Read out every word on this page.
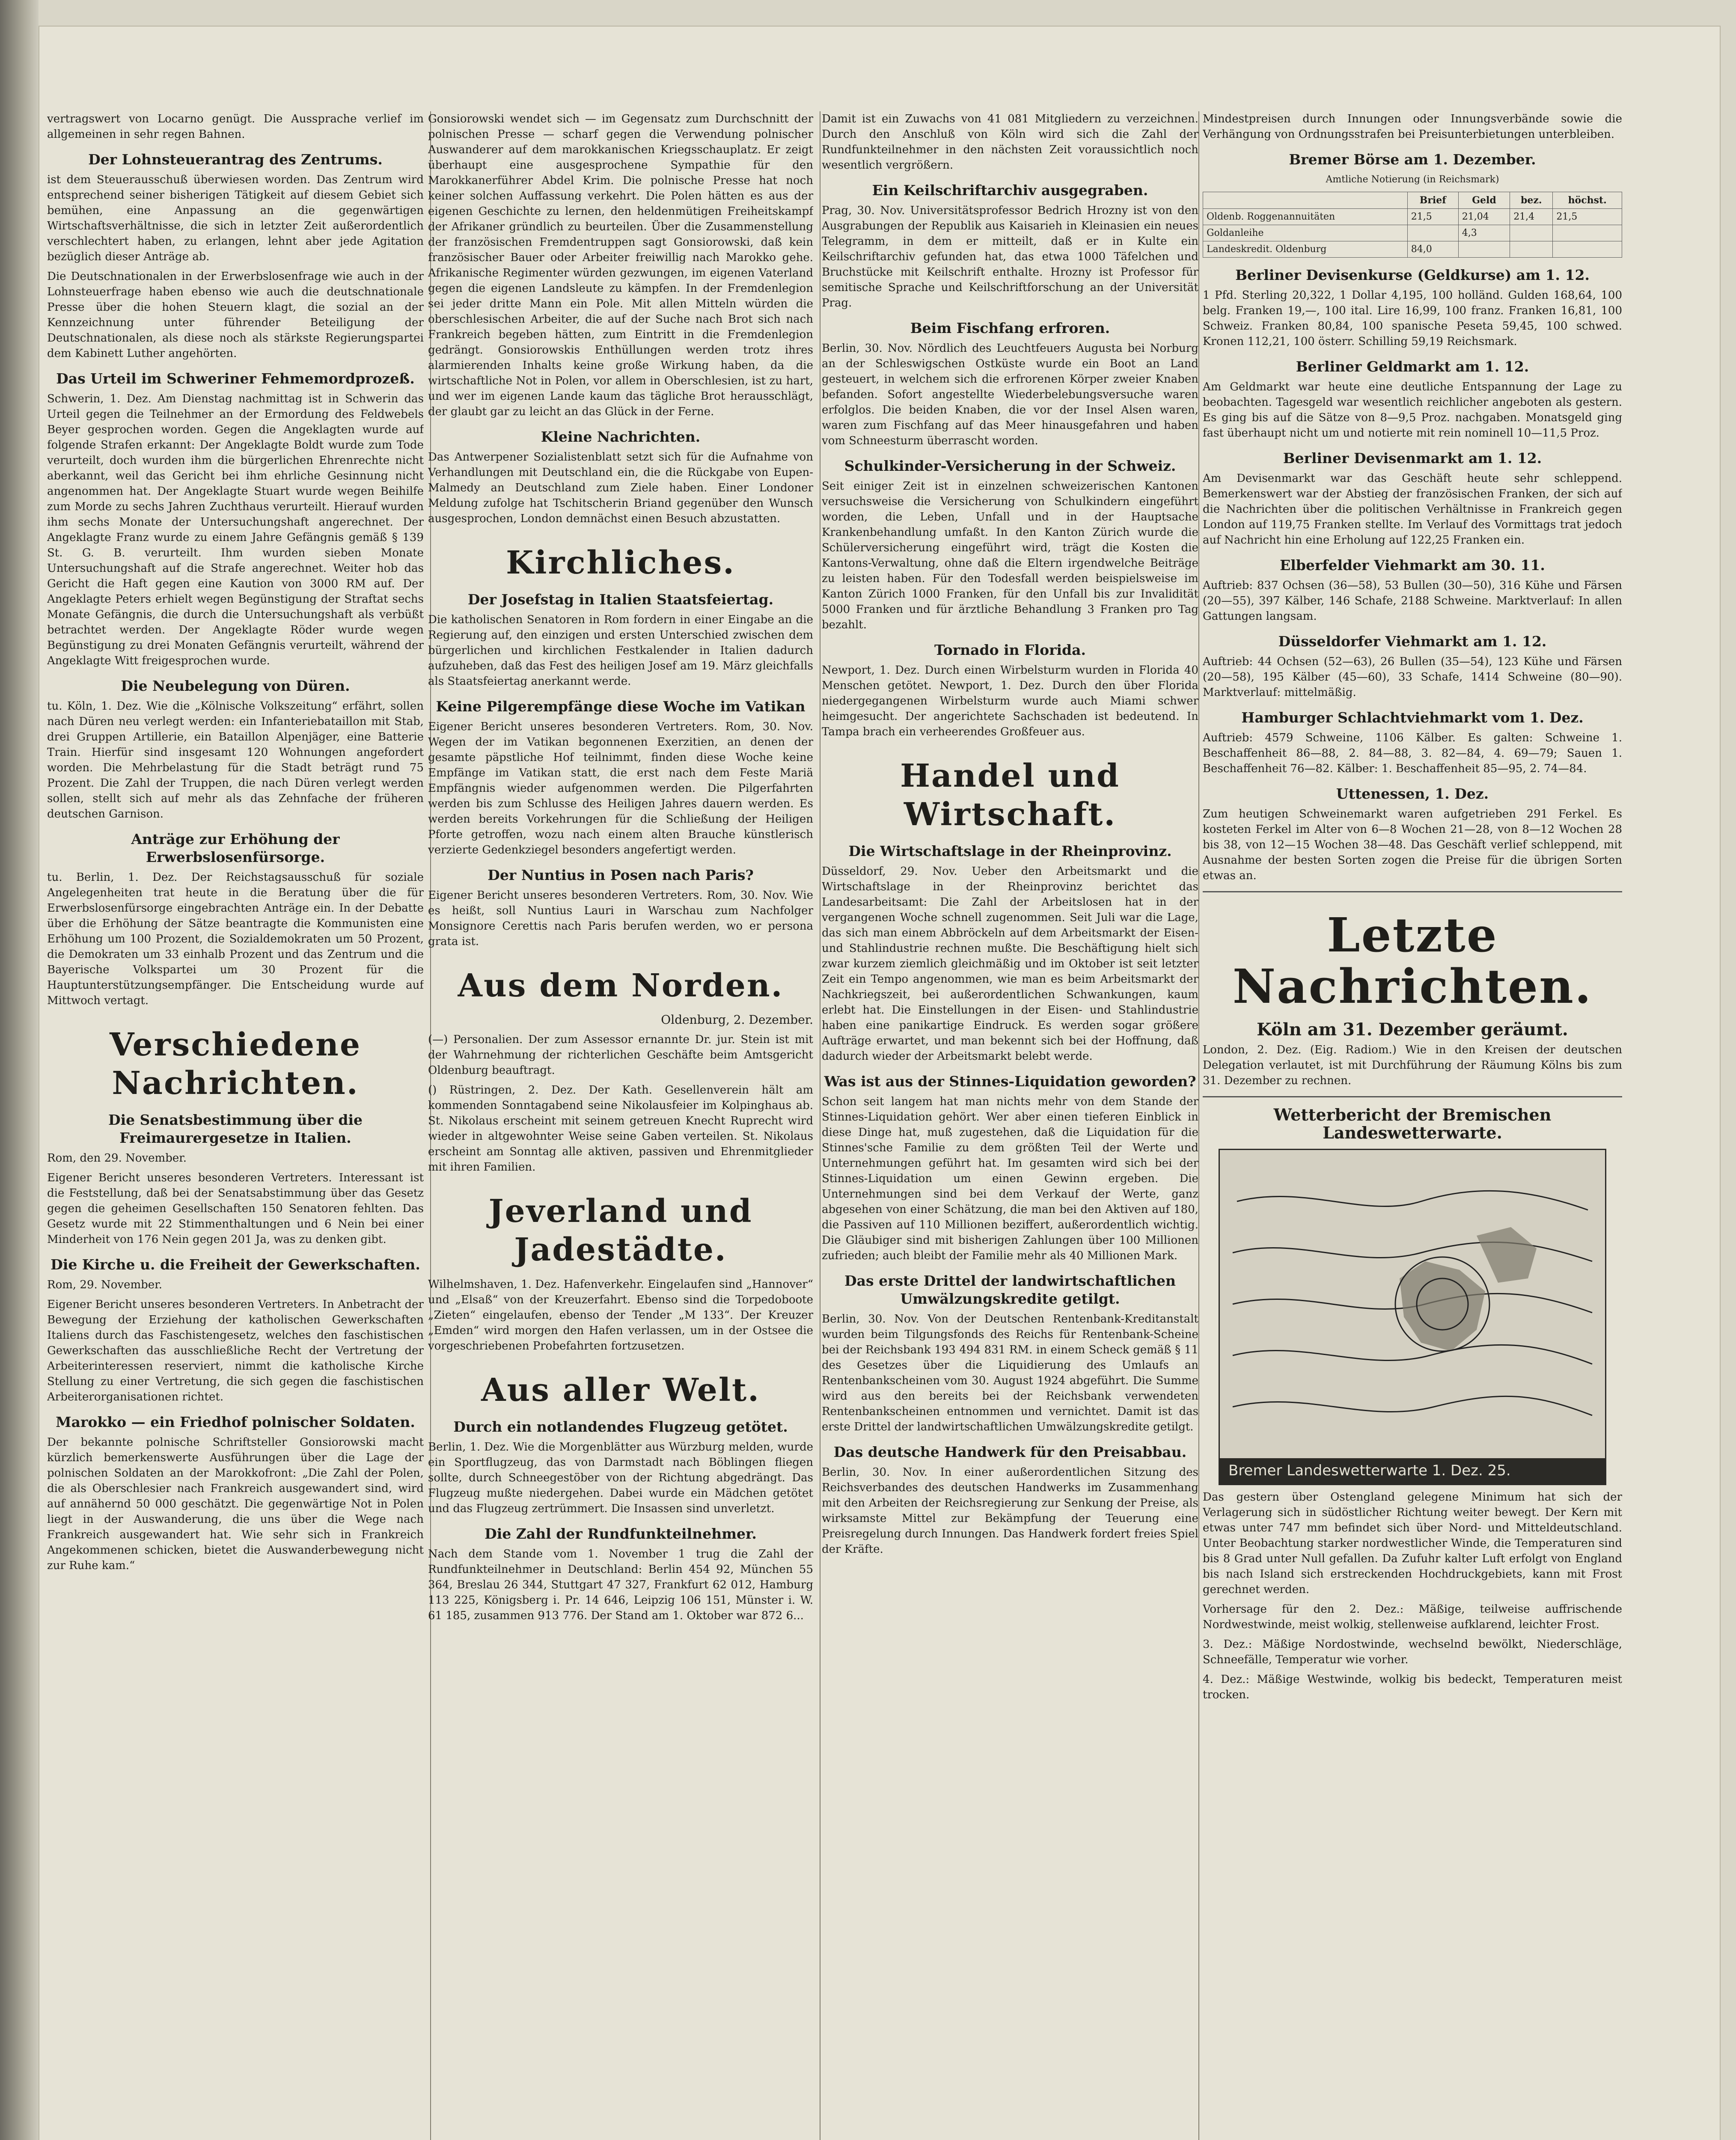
vertragswert von Locarno genügt. Die Aussprache verlief im allgemeinen in sehr regen Bahnen.

Der Lohnsteuerantrag des Zentrums.

ist dem Steuerausschuß überwiesen worden. Das Zentrum wird entsprechend seiner bisherigen Tätigkeit auf diesem Gebiet sich bemühen, eine Anpassung an die gegenwärtigen Wirtschaftsverhältnisse, die sich in letzter Zeit außerordentlich verschlechtert haben, zu erlangen, lehnt aber jede Agitation bezüglich dieser Anträge ab.

Die Deutschnationalen in der Erwerbslosenfrage wie auch in der Lohnsteuerfrage haben ebenso wie auch die deutschnationale Presse über die hohen Steuern klagt, die sozial an der Kennzeichnung unter führender Beteiligung der Deutschnationalen, als diese noch als stärkste Regierungspartei dem Kabinett Luther angehörten.

Das Urteil im Schweriner Fehmemordprozeß.

Schwerin, 1. Dez. Am Dienstag nachmittag ist in Schwerin das Urteil gegen die Teilnehmer an der Ermordung des Feldwebels Beyer gesprochen worden. Gegen die Angeklagten wurde auf folgende Strafen erkannt: Der Angeklagte Boldt wurde zum Tode verurteilt, doch wurden ihm die bürgerlichen Ehrenrechte nicht aberkannt, weil das Gericht bei ihm ehrliche Gesinnung nicht angenommen hat. Der Angeklagte Stuart wurde wegen Beihilfe zum Morde zu sechs Jahren Zuchthaus verurteilt. Hierauf wurden ihm sechs Monate der Untersuchungshaft angerechnet. Der Angeklagte Franz wurde zu einem Jahre Gefängnis gemäß § 139 St. G. B. verurteilt. Ihm wurden sieben Monate Untersuchungshaft auf die Strafe angerechnet. Weiter hob das Gericht die Haft gegen eine Kaution von 3000 RM auf. Der Angeklagte Peters erhielt wegen Begünstigung der Straftat sechs Monate Gefängnis, die durch die Untersuchungshaft als verbüßt betrachtet werden. Der Angeklagte Röder wurde wegen Begünstigung zu drei Monaten Gefängnis verurteilt, während der Angeklagte Witt freigesprochen wurde.

Die Neubelegung von Düren.

tu. Köln, 1. Dez. Wie die „Kölnische Volkszeitung“ erfährt, sollen nach Düren neu verlegt werden: ein Infanteriebataillon mit Stab, drei Gruppen Artillerie, ein Bataillon Alpenjäger, eine Batterie Train. Hierfür sind insgesamt 120 Wohnungen angefordert worden. Die Mehrbelastung für die Stadt beträgt rund 75 Prozent. Die Zahl der Truppen, die nach Düren verlegt werden sollen, stellt sich auf mehr als das Zehnfache der früheren deutschen Garnison.

Anträge zur Erhöhung der Erwerbslosenfürsorge.

tu. Berlin, 1. Dez. Der Reichstagsausschuß für soziale Angelegenheiten trat heute in die Beratung über die für Erwerbslosenfürsorge eingebrachten Anträge ein. In der Debatte über die Erhöhung der Sätze beantragte die Kommunisten eine Erhöhung um 100 Prozent, die Sozialdemokraten um 50 Prozent, die Demokraten um 33 einhalb Prozent und das Zentrum und die Bayerische Volkspartei um 30 Prozent für die Hauptunterstützungsempfänger. Die Entscheidung wurde auf Mittwoch vertagt.

Verschiedene Nachrichten.
Die Senatsbestimmung über die Freimaurergesetze in Italien.

Rom, den 29. November.

Eigener Bericht unseres besonderen Vertreters. Interessant ist die Feststellung, daß bei der Senatsabstimmung über das Gesetz gegen die geheimen Gesellschaften 150 Senatoren fehlten. Das Gesetz wurde mit 22 Stimmenthaltungen und 6 Nein bei einer Minderheit von 176 Nein gegen 201 Ja, was zu denken gibt.

Die Kirche u. die Freiheit der Gewerkschaften.

Rom, 29. November.

Eigener Bericht unseres besonderen Vertreters. In Anbetracht der Bewegung der Erziehung der katholischen Gewerkschaften Italiens durch das Faschistengesetz, welches den faschistischen Gewerkschaften das ausschließliche Recht der Vertretung der Arbeiterinteressen reserviert, nimmt die katholische Kirche Stellung zu einer Vertretung, die sich gegen die faschistischen Arbeiterorganisationen richtet.

Marokko — ein Friedhof polnischer Soldaten.

Der bekannte polnische Schriftsteller Gonsiorowski macht kürzlich bemerkenswerte Ausführungen über die Lage der polnischen Soldaten an der Marokkofront: „Die Zahl der Polen, die als Oberschlesier nach Frankreich ausgewandert sind, wird auf annähernd 50 000 geschätzt. Die gegenwärtige Not in Polen liegt in der Auswanderung, die uns über die Wege nach Frankreich ausgewandert hat. Wie sehr sich in Frankreich Angekommenen schicken, bietet die Auswanderbewegung nicht zur Ruhe kam.“

Gonsiorowski wendet sich — im Gegensatz zum Durchschnitt der polnischen Presse — scharf gegen die Verwendung polnischer Auswanderer auf dem marokkanischen Kriegsschauplatz. Er zeigt überhaupt eine ausgesprochene Sympathie für den Marokkanerführer Abdel Krim. Die polnische Presse hat noch keiner solchen Auffassung verkehrt. Die Polen hätten es aus der eigenen Geschichte zu lernen, den heldenmütigen Freiheitskampf der Afrikaner gründlich zu beurteilen. Über die Zusammenstellung der französischen Fremdentruppen sagt Gonsiorowski, daß kein französischer Bauer oder Arbeiter freiwillig nach Marokko gehe. Afrikanische Regimenter würden gezwungen, im eigenen Vaterland gegen die eigenen Landsleute zu kämpfen. In der Fremdenlegion sei jeder dritte Mann ein Pole. Mit allen Mitteln würden die oberschlesischen Arbeiter, die auf der Suche nach Brot sich nach Frankreich begeben hätten, zum Eintritt in die Fremdenlegion gedrängt. Gonsiorowskis Enthüllungen werden trotz ihres alarmierenden Inhalts keine große Wirkung haben, da die wirtschaftliche Not in Polen, vor allem in Oberschlesien, ist zu hart, und wer im eigenen Lande kaum das tägliche Brot herausschlägt, der glaubt gar zu leicht an das Glück in der Ferne.

Kleine Nachrichten.

Das Antwerpener Sozialistenblatt setzt sich für die Aufnahme von Verhandlungen mit Deutschland ein, die die Rückgabe von Eupen-Malmedy an Deutschland zum Ziele haben. Einer Londoner Meldung zufolge hat Tschitscherin Briand gegenüber den Wunsch ausgesprochen, London demnächst einen Besuch abzustatten.

Kirchliches.
Der Josefstag in Italien Staatsfeiertag.

Die katholischen Senatoren in Rom fordern in einer Eingabe an die Regierung auf, den einzigen und ersten Unterschied zwischen dem bürgerlichen und kirchlichen Festkalender in Italien dadurch aufzuheben, daß das Fest des heiligen Josef am 19. März gleichfalls als Staatsfeiertag anerkannt werde.

Keine Pilgerempfänge diese Woche im Vatikan

Eigener Bericht unseres besonderen Vertreters. Rom, 30. Nov. Wegen der im Vatikan begonnenen Exerzitien, an denen der gesamte päpstliche Hof teilnimmt, finden diese Woche keine Empfänge im Vatikan statt, die erst nach dem Feste Mariä Empfängnis wieder aufgenommen werden. Die Pilgerfahrten werden bis zum Schlusse des Heiligen Jahres dauern werden. Es werden bereits Vorkehrungen für die Schließung der Heiligen Pforte getroffen, wozu nach einem alten Brauche künstlerisch verzierte Gedenkziegel besonders angefertigt werden.

Der Nuntius in Posen nach Paris?

Eigener Bericht unseres besonderen Vertreters. Rom, 30. Nov. Wie es heißt, soll Nuntius Lauri in Warschau zum Nachfolger Monsignore Cerettis nach Paris berufen werden, wo er persona grata ist.

Aus dem Norden.
Oldenburg, 2. Dezember.

(—) Personalien. Der zum Assessor ernannte Dr. jur. Stein ist mit der Wahrnehmung der richterlichen Geschäfte beim Amtsgericht Oldenburg beauftragt.

() Rüstringen, 2. Dez. Der Kath. Gesellenverein hält am kommenden Sonntagabend seine Nikolausfeier im Kolpinghaus ab. St. Nikolaus erscheint mit seinem getreuen Knecht Ruprecht wird wieder in altgewohnter Weise seine Gaben verteilen. St. Nikolaus erscheint am Sonntag alle aktiven, passiven und Ehrenmitglieder mit ihren Familien.

Jeverland und Jadestädte.

Wilhelmshaven, 1. Dez. Hafenverkehr. Eingelaufen sind „Hannover“ und „Elsaß“ von der Kreuzerfahrt. Ebenso sind die Torpedoboote „Zieten“ eingelaufen, ebenso der Tender „M 133“. Der Kreuzer „Emden“ wird morgen den Hafen verlassen, um in der Ostsee die vorgeschriebenen Probefahrten fortzusetzen.

Aus aller Welt.
Durch ein notlandendes Flugzeug getötet.

Berlin, 1. Dez. Wie die Morgenblätter aus Würzburg melden, wurde ein Sportflugzeug, das von Darmstadt nach Böblingen fliegen sollte, durch Schneegestöber von der Richtung abgedrängt. Das Flugzeug mußte niedergehen. Dabei wurde ein Mädchen getötet und das Flugzeug zertrümmert. Die Insassen sind unverletzt.

Die Zahl der Rundfunkteilnehmer.

Nach dem Stande vom 1. November 1 trug die Zahl der Rundfunkteilnehmer in Deutschland: Berlin 454 92, München 55 364, Breslau 26 344, Stuttgart 47 327, Frankfurt 62 012, Hamburg 113 225, Königsberg i. Pr. 14 646, Leipzig 106 151, Münster i. W. 61 185, zusammen 913 776. Der Stand am 1. Oktober war 872 6...

Damit ist ein Zuwachs von 41 081 Mitgliedern zu verzeichnen. Durch den Anschluß von Köln wird sich die Zahl der Rundfunkteilnehmer in den nächsten Zeit voraussichtlich noch wesentlich vergrößern.

Ein Keilschriftarchiv ausgegraben.

Prag, 30. Nov. Universitätsprofessor Bedrich Hrozny ist von den Ausgrabungen der Republik aus Kaisarieh in Kleinasien ein neues Telegramm, in dem er mitteilt, daß er in Kulte ein Keilschriftarchiv gefunden hat, das etwa 1000 Täfelchen und Bruchstücke mit Keilschrift enthalte. Hrozny ist Professor für semitische Sprache und Keilschriftforschung an der Universität Prag.

Beim Fischfang erfroren.

Berlin, 30. Nov. Nördlich des Leuchtfeuers Augusta bei Norburg an der Schleswigschen Ostküste wurde ein Boot an Land gesteuert, in welchem sich die erfrorenen Körper zweier Knaben befanden. Sofort angestellte Wiederbelebungsversuche waren erfolglos. Die beiden Knaben, die vor der Insel Alsen waren, waren zum Fischfang auf das Meer hinausgefahren und haben vom Schneesturm überrascht worden.

Schulkinder-Versicherung in der Schweiz.

Seit einiger Zeit ist in einzelnen schweizerischen Kantonen versuchsweise die Versicherung von Schulkindern eingeführt worden, die Leben, Unfall und in der Hauptsache Krankenbehandlung umfaßt. In den Kanton Zürich wurde die Schülerversicherung eingeführt wird, trägt die Kosten die Kantons-Verwaltung, ohne daß die Eltern irgendwelche Beiträge zu leisten haben. Für den Todesfall werden beispielsweise im Kanton Zürich 1000 Franken, für den Unfall bis zur Invalidität 5000 Franken und für ärztliche Behandlung 3 Franken pro Tag bezahlt.

Tornado in Florida.

Newport, 1. Dez. Durch einen Wirbelsturm wurden in Florida 40 Menschen getötet. Newport, 1. Dez. Durch den über Florida niedergegangenen Wirbelsturm wurde auch Miami schwer heimgesucht. Der angerichtete Sachschaden ist bedeutend. In Tampa brach ein verheerendes Großfeuer aus.

Handel und Wirtschaft.
Die Wirtschaftslage in der Rheinprovinz.

Düsseldorf, 29. Nov. Ueber den Arbeitsmarkt und die Wirtschaftslage in der Rheinprovinz berichtet das Landesarbeitsamt: Die Zahl der Arbeitslosen hat in der vergangenen Woche schnell zugenommen. Seit Juli war die Lage, das sich man einem Abbröckeln auf dem Arbeitsmarkt der Eisen- und Stahlindustrie rechnen mußte. Die Beschäftigung hielt sich zwar kurzem ziemlich gleichmäßig und im Oktober ist seit letzter Zeit ein Tempo angenommen, wie man es beim Arbeitsmarkt der Nachkriegszeit, bei außerordentlichen Schwankungen, kaum erlebt hat. Die Einstellungen in der Eisen- und Stahlindustrie haben eine panikartige Eindruck. Es werden sogar größere Aufträge erwartet, und man bekennt sich bei der Hoffnung, daß dadurch wieder der Arbeitsmarkt belebt werde.

Was ist aus der Stinnes-Liquidation geworden?

Schon seit langem hat man nichts mehr von dem Stande der Stinnes-Liquidation gehört. Wer aber einen tieferen Einblick in diese Dinge hat, muß zugestehen, daß die Liquidation für die Stinnes'sche Familie zu dem größten Teil der Werte und Unternehmungen geführt hat. Im gesamten wird sich bei der Stinnes-Liquidation um einen Gewinn ergeben. Die Unternehmungen sind bei dem Verkauf der Werte, ganz abgesehen von einer Schätzung, die man bei den Aktiven auf 180, die Passiven auf 110 Millionen beziffert, außerordentlich wichtig. Die Gläubiger sind mit bisherigen Zahlungen über 100 Millionen zufrieden; auch bleibt der Familie mehr als 40 Millionen Mark.

Das erste Drittel der landwirtschaftlichen Umwälzungskredite getilgt.

Berlin, 30. Nov. Von der Deutschen Rentenbank-Kreditanstalt wurden beim Tilgungsfonds des Reichs für Rentenbank-Scheine bei der Reichsbank 193 494 831 RM. in einem Scheck gemäß § 11 des Gesetzes über die Liquidierung des Umlaufs an Rentenbankscheinen vom 30. August 1924 abgeführt. Die Summe wird aus den bereits bei der Reichsbank verwendeten Rentenbankscheinen entnommen und vernichtet. Damit ist das erste Drittel der landwirtschaftlichen Umwälzungskredite getilgt.

Das deutsche Handwerk für den Preisabbau.

Berlin, 30. Nov. In einer außerordentlichen Sitzung des Reichsverbandes des deutschen Handwerks im Zusammenhang mit den Arbeiten der Reichsregierung zur Senkung der Preise, als wirksamste Mittel zur Bekämpfung der Teuerung eine Preisregelung durch Innungen. Das Handwerk fordert freies Spiel der Kräfte.

Mindestpreisen durch Innungen oder Innungsverbände sowie die Verhängung von Ordnungsstrafen bei Preisunterbietungen unterbleiben.

Bremer Börse am 1. Dezember.

Amtliche Notierung (in Reichsmark)

	Brief	Geld	bez.	höchst.
Oldenb. Roggenannuitäten	21,5	21,04	21,4	21,5
Goldanleihe		4,3		
Landeskredit. Oldenburg	84,0			
Berliner Devisenkurse (Geldkurse) am 1. 12.

1 Pfd. Sterling 20,322, 1 Dollar 4,195, 100 holländ. Gulden 168,64, 100 belg. Franken 19,—, 100 ital. Lire 16,99, 100 franz. Franken 16,81, 100 Schweiz. Franken 80,84, 100 spanische Peseta 59,45, 100 schwed. Kronen 112,21, 100 österr. Schilling 59,19 Reichsmark.

Berliner Geldmarkt am 1. 12.

Am Geldmarkt war heute eine deutliche Entspannung der Lage zu beobachten. Tagesgeld war wesentlich reichlicher angeboten als gestern. Es ging bis auf die Sätze von 8—9,5 Proz. nachgaben. Monatsgeld ging fast überhaupt nicht um und notierte mit rein nominell 10—11,5 Proz.

Berliner Devisenmarkt am 1. 12.

Am Devisenmarkt war das Geschäft heute sehr schleppend. Bemerkenswert war der Abstieg der französischen Franken, der sich auf die Nachrichten über die politischen Verhältnisse in Frankreich gegen London auf 119,75 Franken stellte. Im Verlauf des Vormittags trat jedoch auf Nachricht hin eine Erholung auf 122,25 Franken ein.

Elberfelder Viehmarkt am 30. 11.

Auftrieb: 837 Ochsen (36—58), 53 Bullen (30—50), 316 Kühe und Färsen (20—55), 397 Kälber, 146 Schafe, 2188 Schweine. Marktverlauf: In allen Gattungen langsam.

Düsseldorfer Viehmarkt am 1. 12.

Auftrieb: 44 Ochsen (52—63), 26 Bullen (35—54), 123 Kühe und Färsen (20—58), 195 Kälber (45—60), 33 Schafe, 1414 Schweine (80—90). Marktverlauf: mittelmäßig.

Hamburger Schlachtviehmarkt vom 1. Dez.

Auftrieb: 4579 Schweine, 1106 Kälber. Es galten: Schweine 1. Beschaffenheit 86—88, 2. 84—88, 3. 82—84, 4. 69—79; Sauen 1. Beschaffenheit 76—82. Kälber: 1. Beschaffenheit 85—95, 2. 74—84.

Uttenessen, 1. Dez.

Zum heutigen Schweinemarkt waren aufgetrieben 291 Ferkel. Es kosteten Ferkel im Alter von 6—8 Wochen 21—28, von 8—12 Wochen 28 bis 38, von 12—15 Wochen 38—48. Das Geschäft verlief schleppend, mit Ausnahme der besten Sorten zogen die Preise für die übrigen Sorten etwas an.

Letzte Nachrichten.
Köln am 31. Dezember geräumt.

London, 2. Dez. (Eig. Radiom.) Wie in den Kreisen der deutschen Delegation verlautet, ist mit Durchführung der Räumung Kölns bis zum 31. Dezember zu rechnen.

Wetterbericht der Bremischen Landeswetterwarte.
Bremer Landeswetterwarte 1. Dez. 25.

Das gestern über Ostengland gelegene Minimum hat sich der Verlagerung sich in südöstlicher Richtung weiter bewegt. Der Kern mit etwas unter 747 mm befindet sich über Nord- und Mitteldeutschland. Unter Beobachtung starker nordwestlicher Winde, die Temperaturen sind bis 8 Grad unter Null gefallen. Da Zufuhr kalter Luft erfolgt von England bis nach Island sich erstreckenden Hochdruckgebiets, kann mit Frost gerechnet werden.

Vorhersage für den 2. Dez.: Mäßige, teilweise auffrischende Nordwestwinde, meist wolkig, stellenweise aufklarend, leichter Frost.

3. Dez.: Mäßige Nordostwinde, wechselnd bewölkt, Niederschläge, Schneefälle, Temperatur wie vorher.

4. Dez.: Mäßige Westwinde, wolkig bis bedeckt, Temperaturen meist trocken.
